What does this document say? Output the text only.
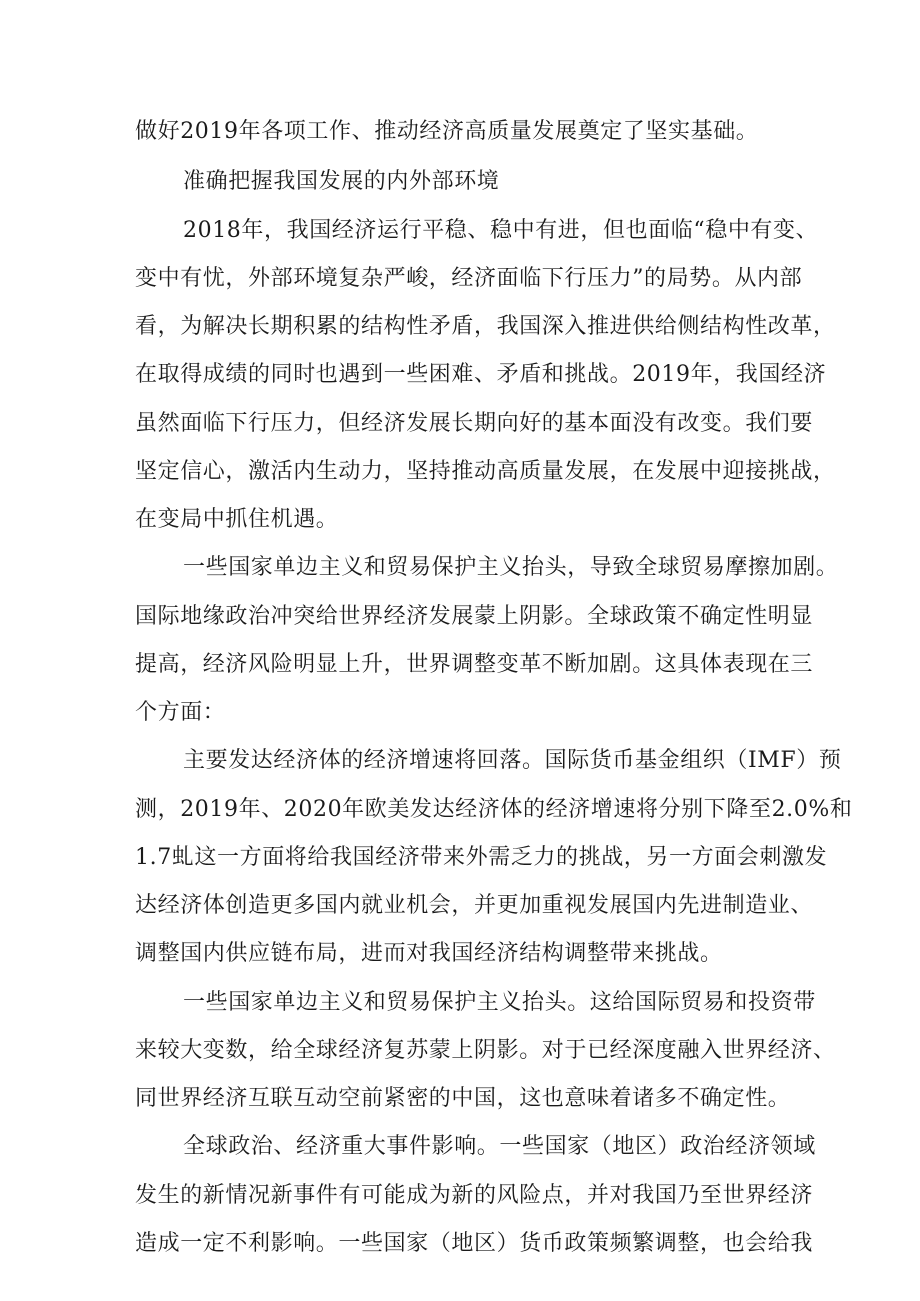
做好2019年各项工作、推动经济高质量发展奠定了坚实基础。
准确把握我国发展的内外部环境
2018年，我国经济运行平稳、稳中有进，但也面临“稳中有变、
变中有忧，外部环境复杂严峻，经济面临下行压力”的局势。从内部
看，为解决长期积累的结构性矛盾，我国深入推进供给侧结构性改革，
在取得成绩的同时也遇到一些困难、矛盾和挑战。2019年，我国经济
虽然面临下行压力，但经济发展长期向好的基本面没有改变。我们要
坚定信心，激活内生动力，坚持推动高质量发展，在发展中迎接挑战，
在变局中抓住机遇。
一些国家单边主义和贸易保护主义抬头，导致全球贸易摩擦加剧。
国际地缘政治冲突给世界经济发展蒙上阴影。全球政策不确定性明显
提高，经济风险明显上升，世界调整变革不断加剧。这具体表现在三
个方面：
主要发达经济体的经济增速将回落。国际货币基金组织（IMF）预
测，2019年、2020年欧美发达经济体的经济增速将分别下降至2.0%和
1.7虬这一方面将给我国经济带来外需乏力的挑战，另一方面会刺激发
达经济体创造更多国内就业机会，并更加重视发展国内先进制造业、
调整国内供应链布局，进而对我国经济结构调整带来挑战。
一些国家单边主义和贸易保护主义抬头。这给国际贸易和投资带
来较大变数，给全球经济复苏蒙上阴影。对于已经深度融入世界经济、
同世界经济互联互动空前紧密的中国，这也意味着诸多不确定性。
全球政治、经济重大事件影响。一些国家（地区）政治经济领域
发生的新情况新事件有可能成为新的风险点，并对我国乃至世界经济
造成一定不利影响。一些国家（地区）货币政策频繁调整，也会给我
